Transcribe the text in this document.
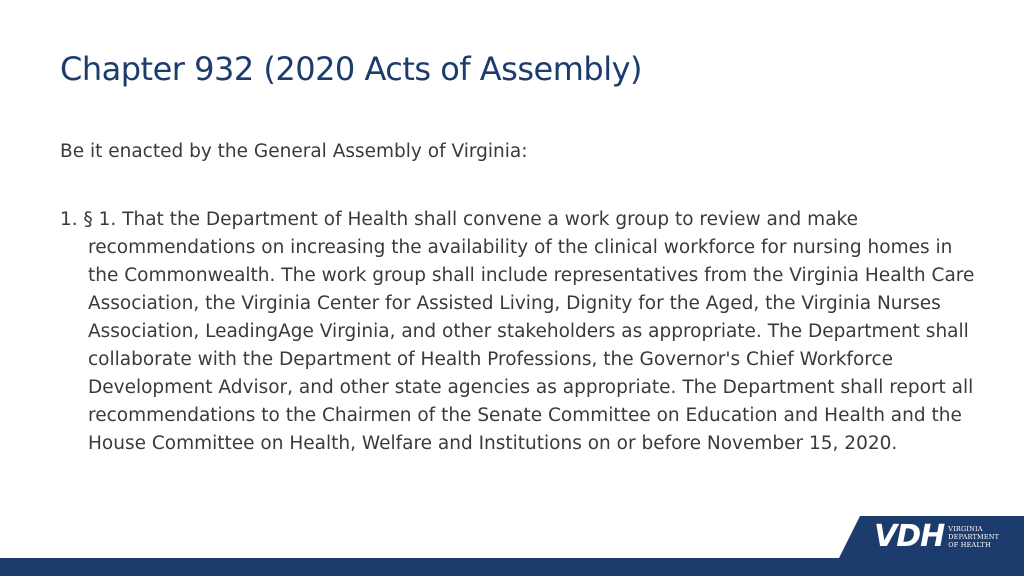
Chapter 932 (2020 Acts of Assembly)

Be it enacted by the General Assembly of Virginia:

1. § 1. That the Department of Health shall convene a work group to review and make recommendations on increasing the availability of the clinical workforce for nursing homes in the Commonwealth. The work group shall include representatives from the Virginia Health Care Association, the Virginia Center for Assisted Living, Dignity for the Aged, the Virginia Nurses Association, LeadingAge Virginia, and other stakeholders as appropriate. The Department shall collaborate with the Department of Health Professions, the Governor's Chief Workforce Development Advisor, and other state agencies as appropriate. The Department shall report all recommendations to the Chairmen of the Senate Committee on Education and Health and the House Committee on Health, Welfare and Institutions on or before November 15, 2020.

VDH VIRGINIA
DEPARTMENT
OF HEALTH
